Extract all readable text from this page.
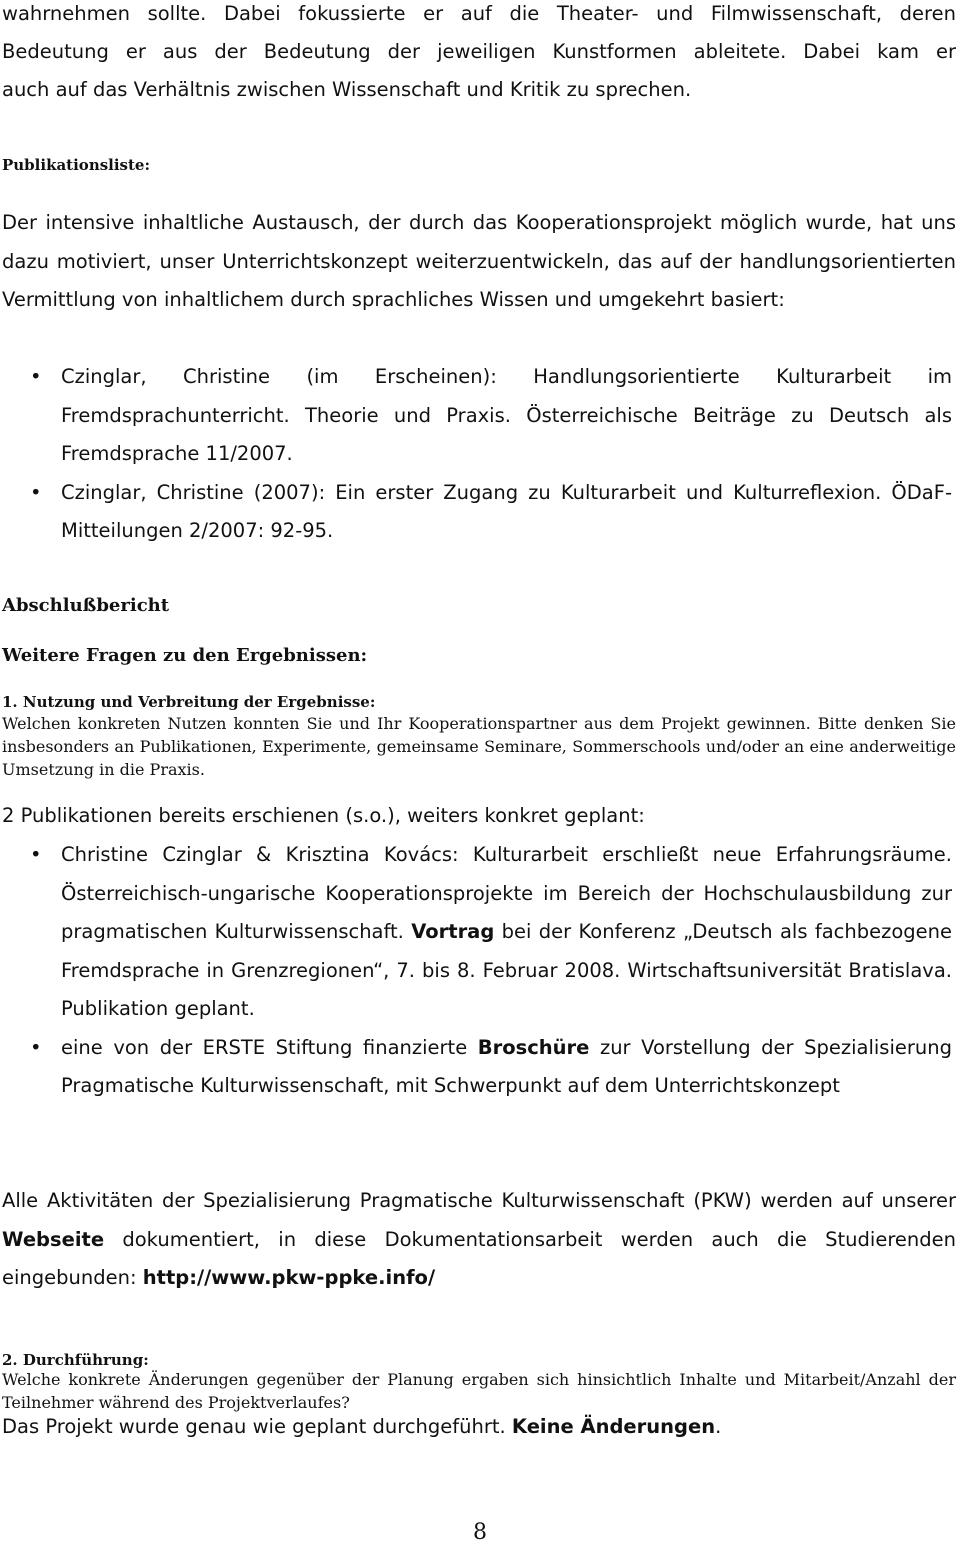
wahrnehmen sollte. Dabei fokussierte er auf die Theater- und Filmwissenschaft, deren
Bedeutung er aus der Bedeutung der jeweiligen Kunstformen ableitete. Dabei kam er
auch auf das Verhältnis zwischen Wissenschaft und Kritik zu sprechen.
Publikationsliste:

Der intensive inhaltliche Austausch, der durch das Kooperationsprojekt möglich wurde, hat uns dazu motiviert, unser Unterrichtskonzept weiterzuentwickeln, das auf der handlungsorientierten Vermittlung von inhaltlichem durch sprachliches Wissen und umgekehrt basiert:

• Czinglar, Christine (im Erscheinen): Handlungsorientierte Kulturarbeit im Fremdsprachunterricht. Theorie und Praxis. Österreichische Beiträge zu Deutsch als Fremdsprache 11/2007.
• Czinglar, Christine (2007): Ein erster Zugang zu Kulturarbeit und Kulturreflexion. ÖDaF-Mitteilungen 2/2007: 92-95.
Abschlußbericht
Weitere Fragen zu den Ergebnissen:
1. Nutzung und Verbreitung der Ergebnisse:

Welchen konkreten Nutzen konnten Sie und Ihr Kooperationspartner aus dem Projekt gewinnen. Bitte denken Sie insbesonders an Publikationen, Experimente, gemeinsame Seminare, Sommerschools und/oder an eine anderweitige Umsetzung in die Praxis.

2 Publikationen bereits erschienen (s.o.), weiters konkret geplant:
• Christine Czinglar & Krisztina Kovács: Kulturarbeit erschließt neue Erfahrungsräume. Österreichisch-ungarische Kooperationsprojekte im Bereich der Hochschulausbildung zur pragmatischen Kulturwissenschaft. Vortrag bei der Konferenz „Deutsch als fachbezogene Fremdsprache in Grenzregionen“, 7. bis 8. Februar 2008. Wirtschaftsuniversität Bratislava. Publikation geplant.
• eine von der ERSTE Stiftung finanzierte Broschüre zur Vorstellung der Spezialisierung Pragmatische Kulturwissenschaft, mit Schwerpunkt auf dem Unterrichtskonzept

Alle Aktivitäten der Spezialisierung Pragmatische Kulturwissenschaft (PKW) werden auf unserer Webseite dokumentiert, in diese Dokumentationsarbeit werden auch die Studierenden eingebunden: http://www.pkw-ppke.info/

2. Durchführung:

Welche konkrete Änderungen gegenüber der Planung ergaben sich hinsichtlich Inhalte und Mitarbeit/Anzahl der Teilnehmer während des Projektverlaufes?

Das Projekt wurde genau wie geplant durchgeführt. Keine Änderungen.
8
